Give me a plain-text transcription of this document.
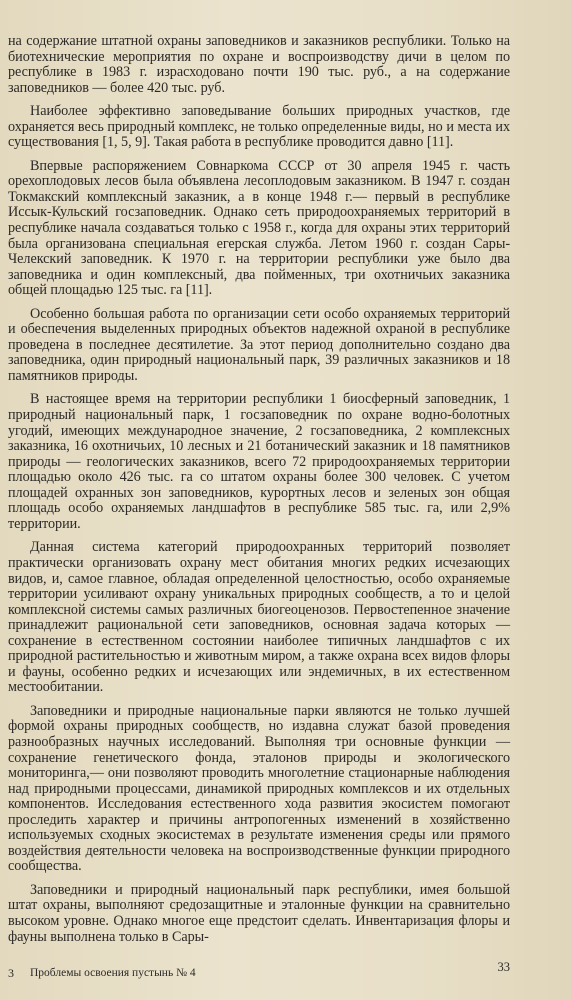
на содержание штатной охраны заповедников и заказников республики. Только на биотехнические мероприятия по охране и воспроизводству дичи в целом по республике в 1983 г. израсходовано почти 190 тыс. руб., а на содержание заповедников — более 420 тыс. руб.

Наиболее эффективно заповедывание больших природных участков, где охраняется весь природный комплекс, не только определенные виды, но и места их существования [1, 5, 9]. Такая работа в республике проводится давно [11].

Впервые распоряжением Совнаркома СССР от 30 апреля 1945 г. часть орехоплодовых лесов была объявлена лесоплодовым заказником. В 1947 г. создан Токмакский комплексный заказник, а в конце 1948 г.— первый в республике Иссык-Кульский госзаповедник. Однако сеть природоохраняемых территорий в республике начала создаваться только с 1958 г., когда для охраны этих территорий была организована специальная егерская служба. Летом 1960 г. создан Сары-Челекский заповедник. К 1970 г. на территории республики уже было два заповедника и один комплексный, два пойменных, три охотничьих заказника общей площадью 125 тыс. га [11].

Особенно большая работа по организации сети особо охраняемых территорий и обеспечения выделенных природных объектов надежной охраной в республике проведена в последнее десятилетие. За этот период дополнительно создано два заповедника, один природный национальный парк, 39 различных заказников и 18 памятников природы.

В настоящее время на территории республики 1 биосферный заповедник, 1 природный национальный парк, 1 госзаповедник по охране водно-болотных угодий, имеющих международное значение, 2 госзаповедника, 2 комплексных заказника, 16 охотничьих, 10 лесных и 21 ботанический заказник и 18 памятников природы — геологических заказников, всего 72 природоохраняемых территории площадью около 426 тыс. га со штатом охраны более 300 человек. С учетом площадей охранных зон заповедников, курортных лесов и зеленых зон общая площадь особо охраняемых ландшафтов в республике 585 тыс. га, или 2,9% территории.

Данная система категорий природоохранных территорий позволяет практически организовать охрану мест обитания многих редких исчезающих видов, и, самое главное, обладая определенной целостностью, особо охраняемые территории усиливают охрану уникальных природных сообществ, а то и целой комплексной системы самых различных биогеоценозов. Первостепенное значение принадлежит рациональной сети заповедников, основная задача которых — сохранение в естественном состоянии наиболее типичных ландшафтов с их природной растительностью и животным миром, а также охрана всех видов флоры и фауны, особенно редких и исчезающих или эндемичных, в их естественном местообитании.

Заповедники и природные национальные парки являются не только лучшей формой охраны природных сообществ, но издавна служат базой проведения разнообразных научных исследований. Выполняя три основные функции — сохранение генетического фонда, эталонов природы и экологического мониторинга,— они позволяют проводить многолетние стационарные наблюдения над природными процессами, динамикой природных комплексов и их отдельных компонентов. Исследования естественного хода развития экосистем помогают проследить характер и причины антропогенных изменений в хозяйственно используемых сходных экосистемах в результате изменения среды или прямого воздействия деятельности человека на воспроизводственные функции природного сообщества.

Заповедники и природный национальный парк республики, имея большой штат охраны, выполняют средозащитные и эталонные функции на сравнительно высоком уровне. Однако многое еще предстоит сделать. Инвентаризация флоры и фауны выполнена только в Сары-

3 Проблемы освоения пустынь № 4	33
